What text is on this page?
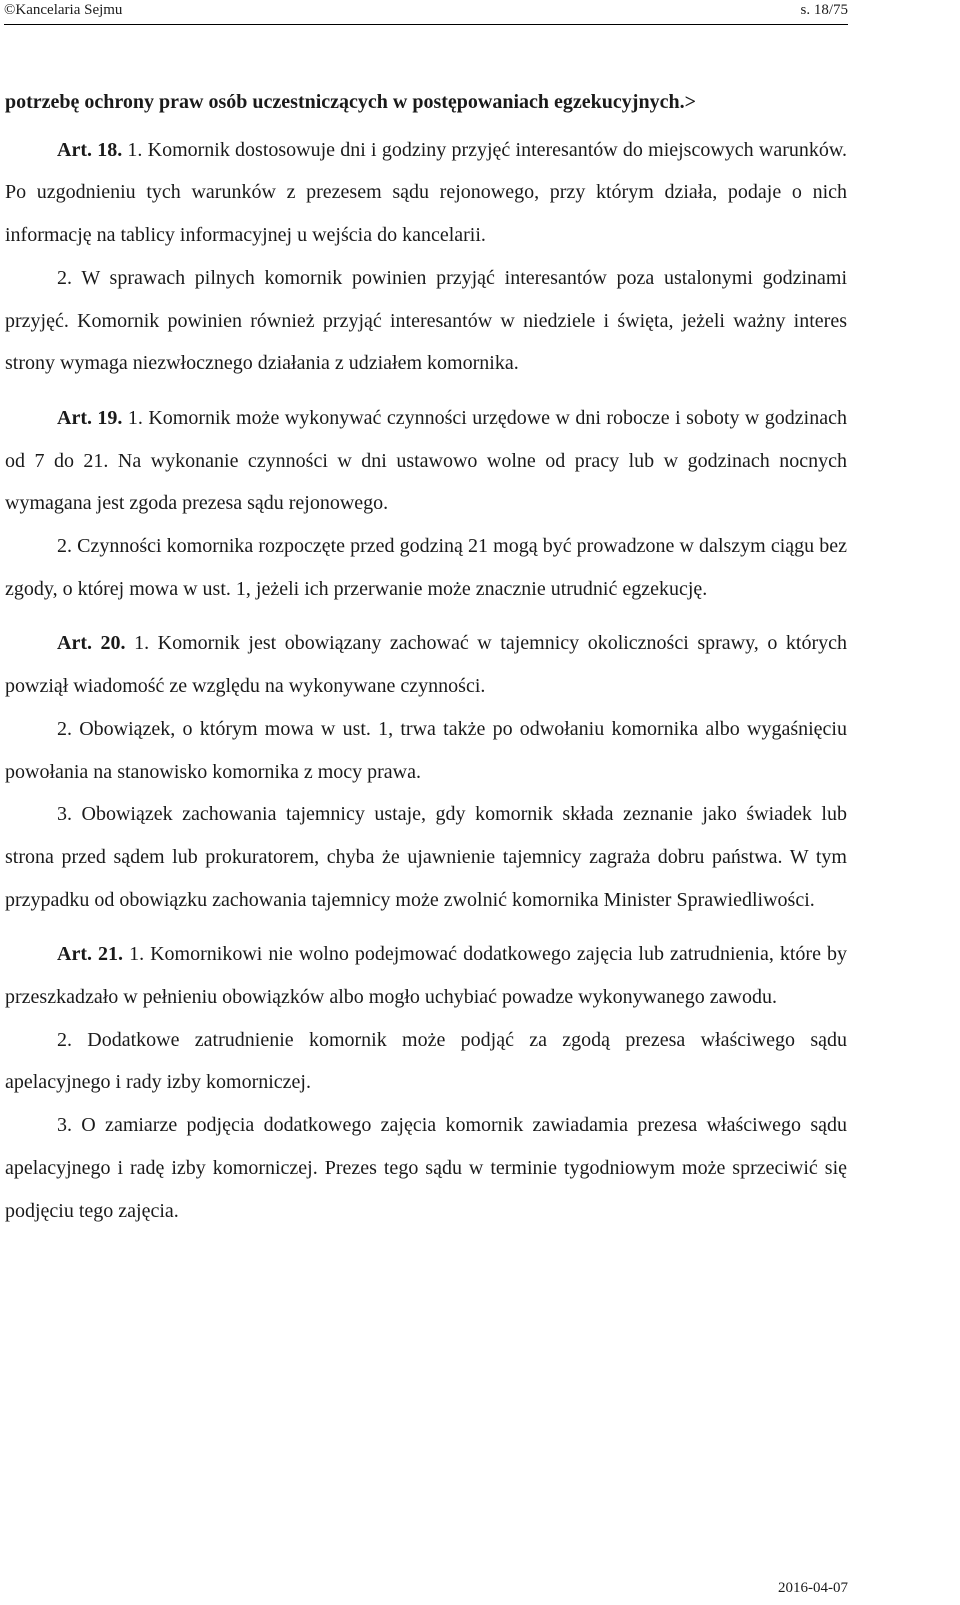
©Kancelaria Sejmu	s. 18/75

potrzebę ochrony praw osób uczestniczących w postępowaniach egzekucyjnych.>

Art. 18. 1. Komornik dostosowuje dni i godziny przyjęć interesantów do miejscowych warunków. Po uzgodnieniu tych warunków z prezesem sądu rejonowego, przy którym działa, podaje o nich informację na tablicy informacyjnej u wejścia do kancelarii.

2. W sprawach pilnych komornik powinien przyjąć interesantów poza ustalonymi godzinami przyjęć. Komornik powinien również przyjąć interesantów w niedziele i święta, jeżeli ważny interes strony wymaga niezwłocznego działania z udziałem komornika.

Art. 19. 1. Komornik może wykonywać czynności urzędowe w dni robocze i soboty w godzinach od 7 do 21. Na wykonanie czynności w dni ustawowo wolne od pracy lub w godzinach nocnych wymagana jest zgoda prezesa sądu rejonowego.

2. Czynności komornika rozpoczęte przed godziną 21 mogą być prowadzone w dalszym ciągu bez zgody, o której mowa w ust. 1, jeżeli ich przerwanie może znacznie utrudnić egzekucję.

Art. 20. 1. Komornik jest obowiązany zachować w tajemnicy okoliczności sprawy, o których powziął wiadomość ze względu na wykonywane czynności.

2. Obowiązek, o którym mowa w ust. 1, trwa także po odwołaniu komornika albo wygaśnięciu powołania na stanowisko komornika z mocy prawa.

3. Obowiązek zachowania tajemnicy ustaje, gdy komornik składa zeznanie jako świadek lub strona przed sądem lub prokuratorem, chyba że ujawnienie tajemnicy zagraża dobru państwa. W tym przypadku od obowiązku zachowania tajemnicy może zwolnić komornika Minister Sprawiedliwości.

Art. 21. 1. Komornikowi nie wolno podejmować dodatkowego zajęcia lub zatrudnienia, które by przeszkadzało w pełnieniu obowiązków albo mogło uchybiać powadze wykonywanego zawodu.

2. Dodatkowe zatrudnienie komornik może podjąć za zgodą prezesa właściwego sądu apelacyjnego i rady izby komorniczej.

3. O zamiarze podjęcia dodatkowego zajęcia komornik zawiadamia prezesa właściwego sądu apelacyjnego i radę izby komorniczej. Prezes tego sądu w terminie tygodniowym może sprzeciwić się podjęciu tego zajęcia.

2016-04-07
